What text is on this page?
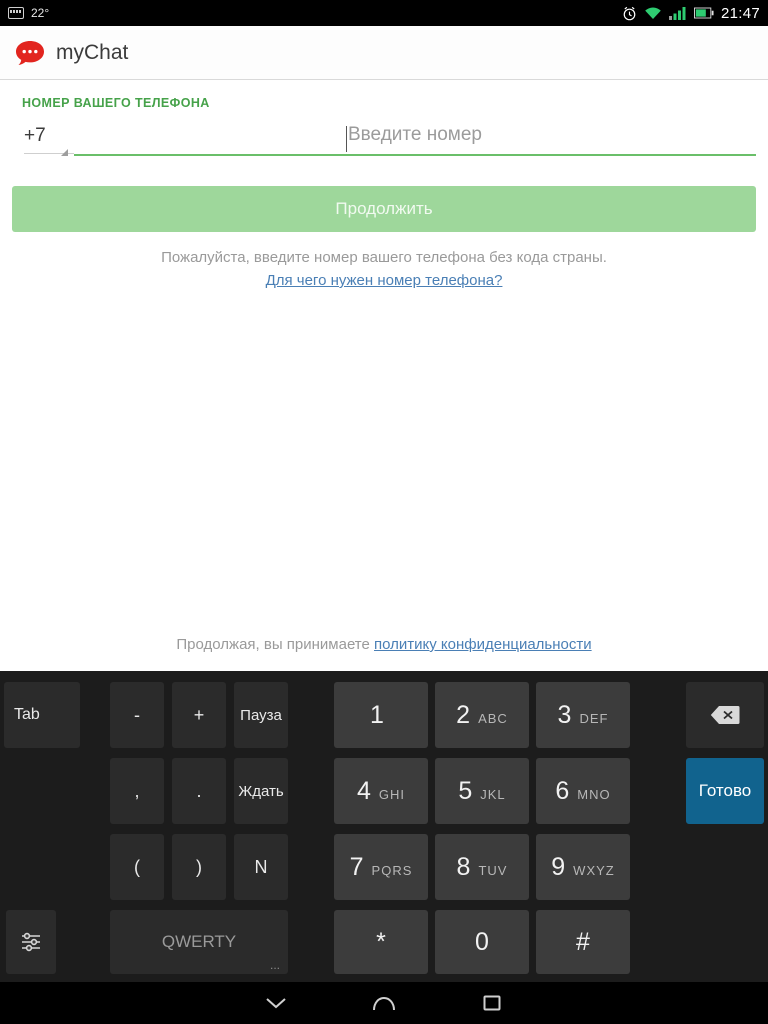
22°	21:47
myChat
НОМЕР ВАШЕГО ТЕЛЕФОНА
+7
Введите номер
Продолжить
Пожалуйста, введите номер вашего телефона без кода страны.
Для чего нужен номер телефона?
Продолжая, вы принимаете политику конфиденциальности
Tab	-	+	Пауза
,	.	Ждать
(	)	N
QWERTY
...
1	2 ABC 3 DEF
4 GHI 5 JKL 6 MNO
7 PQRS 8 TUV 9 WXYZ
*	0	#
Готово
